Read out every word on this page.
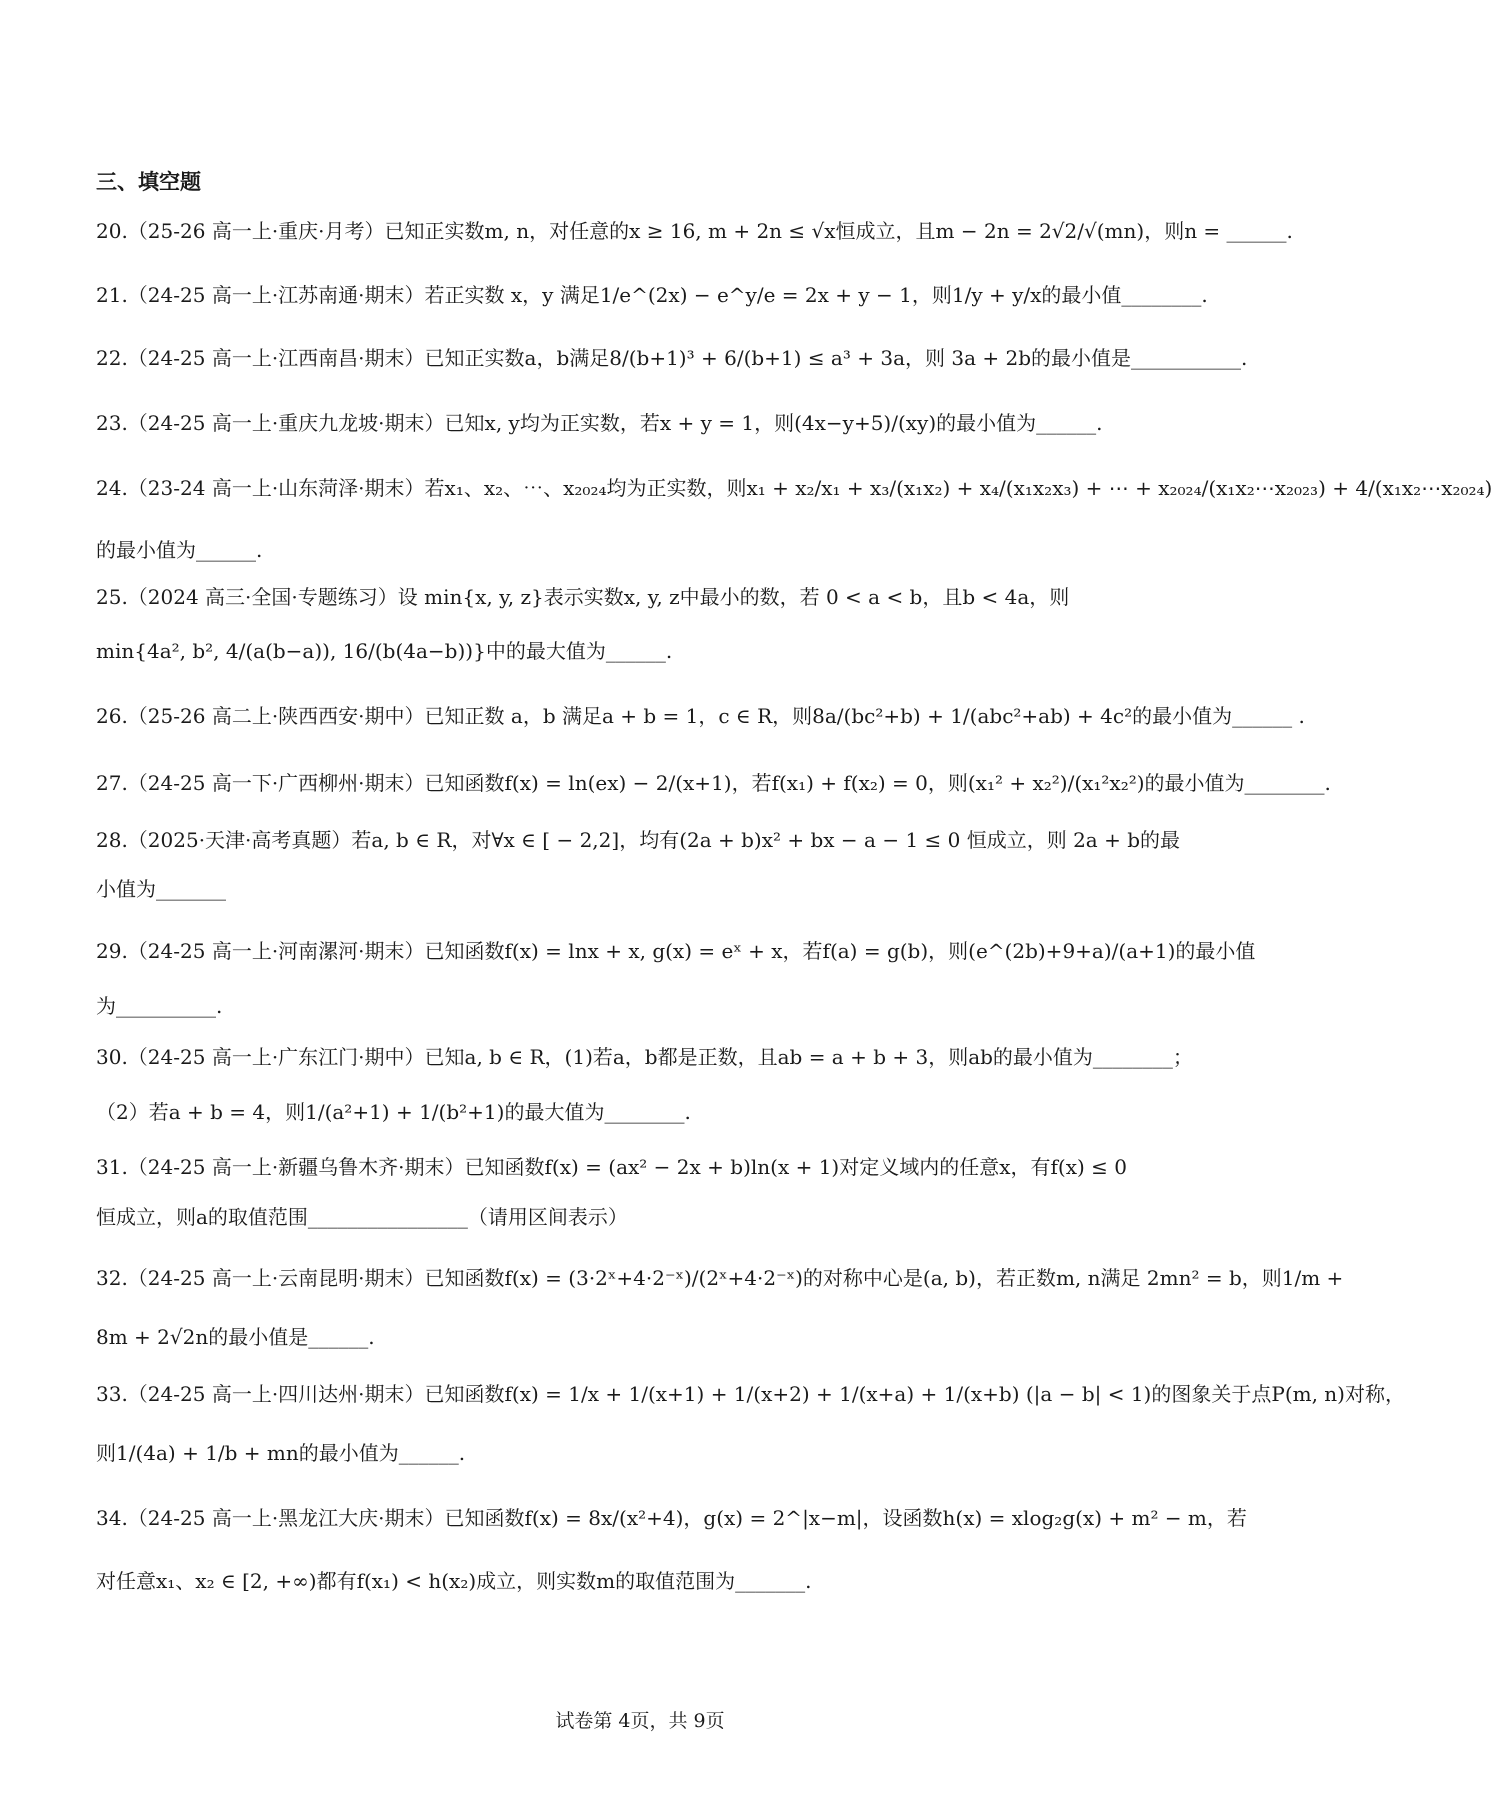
三、填空题
20.（25-26 高一上·重庆·月考）已知正实数m, n，对任意的x ≥ 16, m + 2n ≤ √x恒成立，且m − 2n = 2√2/√(mn)，则n = ______.
21.（24-25 高一上·江苏南通·期末）若正实数 x，y 满足1/e^(2x) − e^y/e = 2x + y − 1，则1/y + y/x的最小值________.
22.（24-25 高一上·江西南昌·期末）已知正实数a，b满足8/(b+1)³ + 6/(b+1) ≤ a³ + 3a，则 3a + 2b的最小值是___________.
23.（24-25 高一上·重庆九龙坡·期末）已知x, y均为正实数，若x + y = 1，则(4x−y+5)/(xy)的最小值为______.
24.（23-24 高一上·山东菏泽·期末）若x₁、x₂、⋯、x₂₀₂₄均为正实数，则x₁ + x₂/x₁ + x₃/(x₁x₂) + x₄/(x₁x₂x₃) + ⋯ + x₂₀₂₄/(x₁x₂⋯x₂₀₂₃) + 4/(x₁x₂⋯x₂₀₂₄)
的最小值为______.
25.（2024 高三·全国·专题练习）设 min{x, y, z}表示实数x, y, z中最小的数，若 0 < a < b，且b < 4a，则
min{4a², b², 4/(a(b−a)), 16/(b(4a−b))}中的最大值为______.
26.（25-26 高二上·陕西西安·期中）已知正数 a，b 满足a + b = 1，c ∈ R，则8a/(bc²+b) + 1/(abc²+ab) + 4c²的最小值为______ .
27.（24-25 高一下·广西柳州·期末）已知函数f(x) = ln(ex) − 2/(x+1)，若f(x₁) + f(x₂) = 0，则(x₁² + x₂²)/(x₁²x₂²)的最小值为________.
28.（2025·天津·高考真题）若a, b ∈ R，对∀x ∈ [ − 2,2]，均有(2a + b)x² + bx − a − 1 ≤ 0 恒成立，则 2a + b的最
小值为_______
29.（24-25 高一上·河南漯河·期末）已知函数f(x) = lnx + x, g(x) = eˣ + x，若f(a) = g(b)，则(e^(2b)+9+a)/(a+1)的最小值
为__________.
30.（24-25 高一上·广东江门·期中）已知a, b ∈ R，(1)若a，b都是正数，且ab = a + b + 3，则ab的最小值为________；
（2）若a + b = 4，则1/(a²+1) + 1/(b²+1)的最大值为________.
31.（24-25 高一上·新疆乌鲁木齐·期末）已知函数f(x) = (ax² − 2x + b)ln(x + 1)对定义域内的任意x，有f(x) ≤ 0
恒成立，则a的取值范围________________（请用区间表示）
32.（24-25 高一上·云南昆明·期末）已知函数f(x) = (3·2ˣ+4·2⁻ˣ)/(2ˣ+4·2⁻ˣ)的对称中心是(a, b)，若正数m, n满足 2mn² = b，则1/m +
8m + 2√2n的最小值是______.
33.（24-25 高一上·四川达州·期末）已知函数f(x) = 1/x + 1/(x+1) + 1/(x+2) + 1/(x+a) + 1/(x+b) (|a − b| < 1)的图象关于点P(m, n)对称，
则1/(4a) + 1/b + mn的最小值为______.
34.（24-25 高一上·黑龙江大庆·期末）已知函数f(x) = 8x/(x²+4)，g(x) = 2^|x−m|，设函数h(x) = xlog₂g(x) + m² − m，若
对任意x₁、x₂ ∈ [2, +∞)都有f(x₁) < h(x₂)成立，则实数m的取值范围为_______.
试卷第 4页，共 9页
